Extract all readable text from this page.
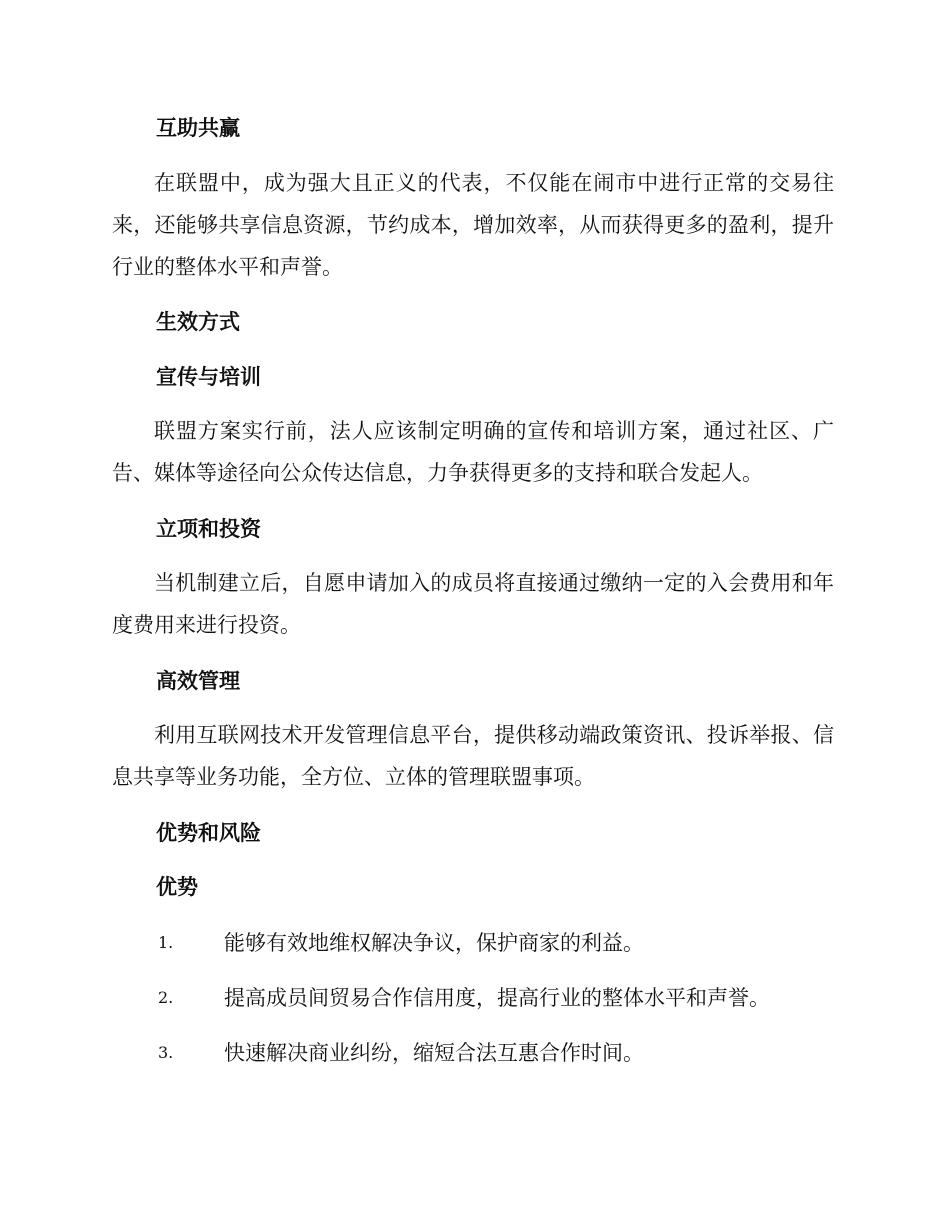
互助共赢

在联盟中，成为强大且正义的代表，不仅能在闹市中进行正常的交易往来，还能够共享信息资源，节约成本，增加效率，从而获得更多的盈利，提升行业的整体水平和声誉。

生效方式
宣传与培训

联盟方案实行前，法人应该制定明确的宣传和培训方案，通过社区、广告、媒体等途径向公众传达信息，力争获得更多的支持和联合发起人。

立项和投资

当机制建立后，自愿申请加入的成员将直接通过缴纳一定的入会费用和年度费用来进行投资。

高效管理

利用互联网技术开发管理信息平台，提供移动端政策资讯、投诉举报、信息共享等业务功能，全方位、立体的管理联盟事项。

优势和风险
优势
1. 能够有效地维权解决争议，保护商家的利益。
2. 提高成员间贸易合作信用度，提高行业的整体水平和声誉。
3. 快速解决商业纠纷，缩短合法互惠合作时间。
